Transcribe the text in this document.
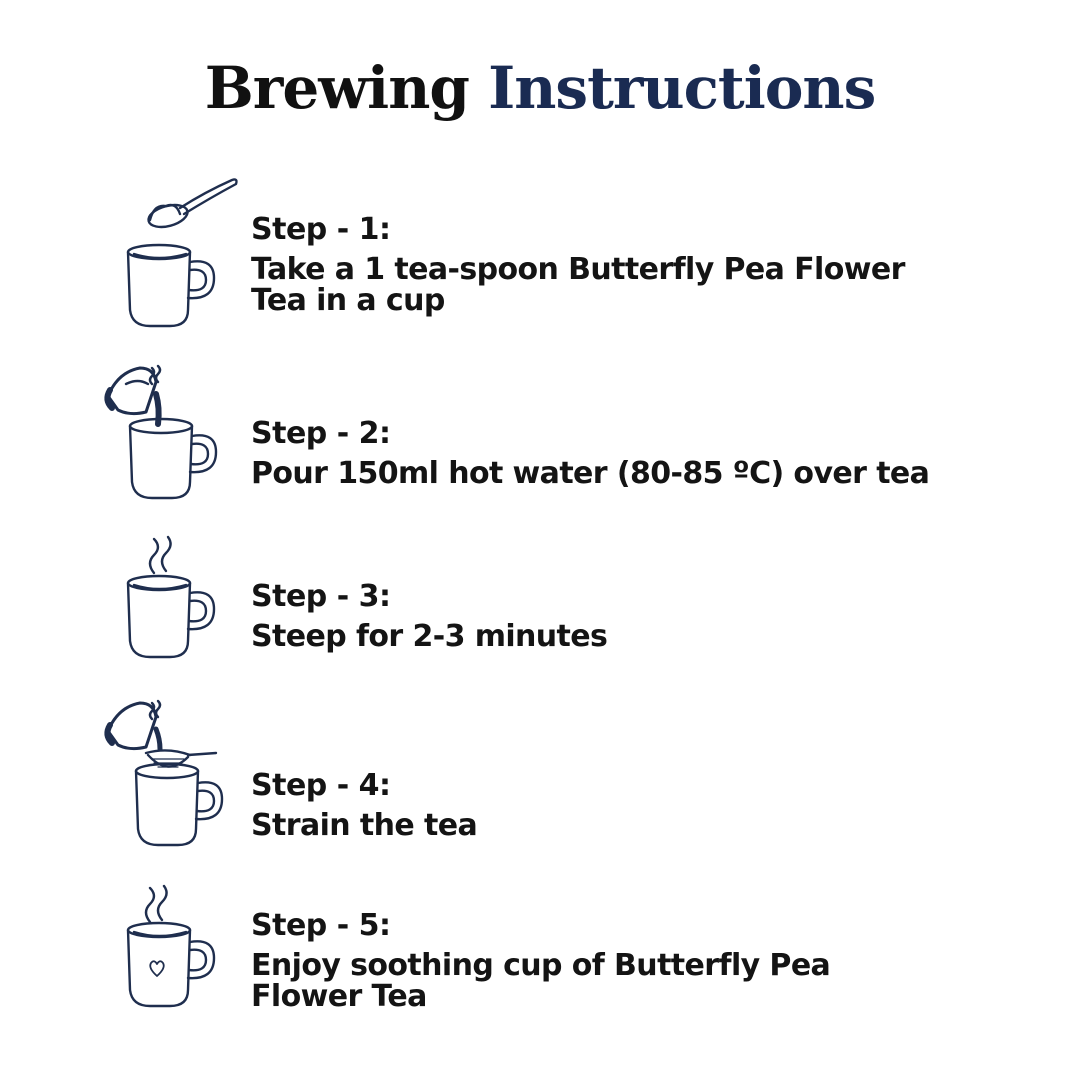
Brewing Instructions
Step - 1:
Take a 1 tea-spoon Butterfly Pea Flower Tea in a cup
Step - 2:
Pour 150ml hot water (80-85 ºC) over tea
Step - 3:
Steep for 2-3 minutes
Step - 4:
Strain the tea
Step - 5:
Enjoy soothing cup of Butterfly Pea Flower Tea
